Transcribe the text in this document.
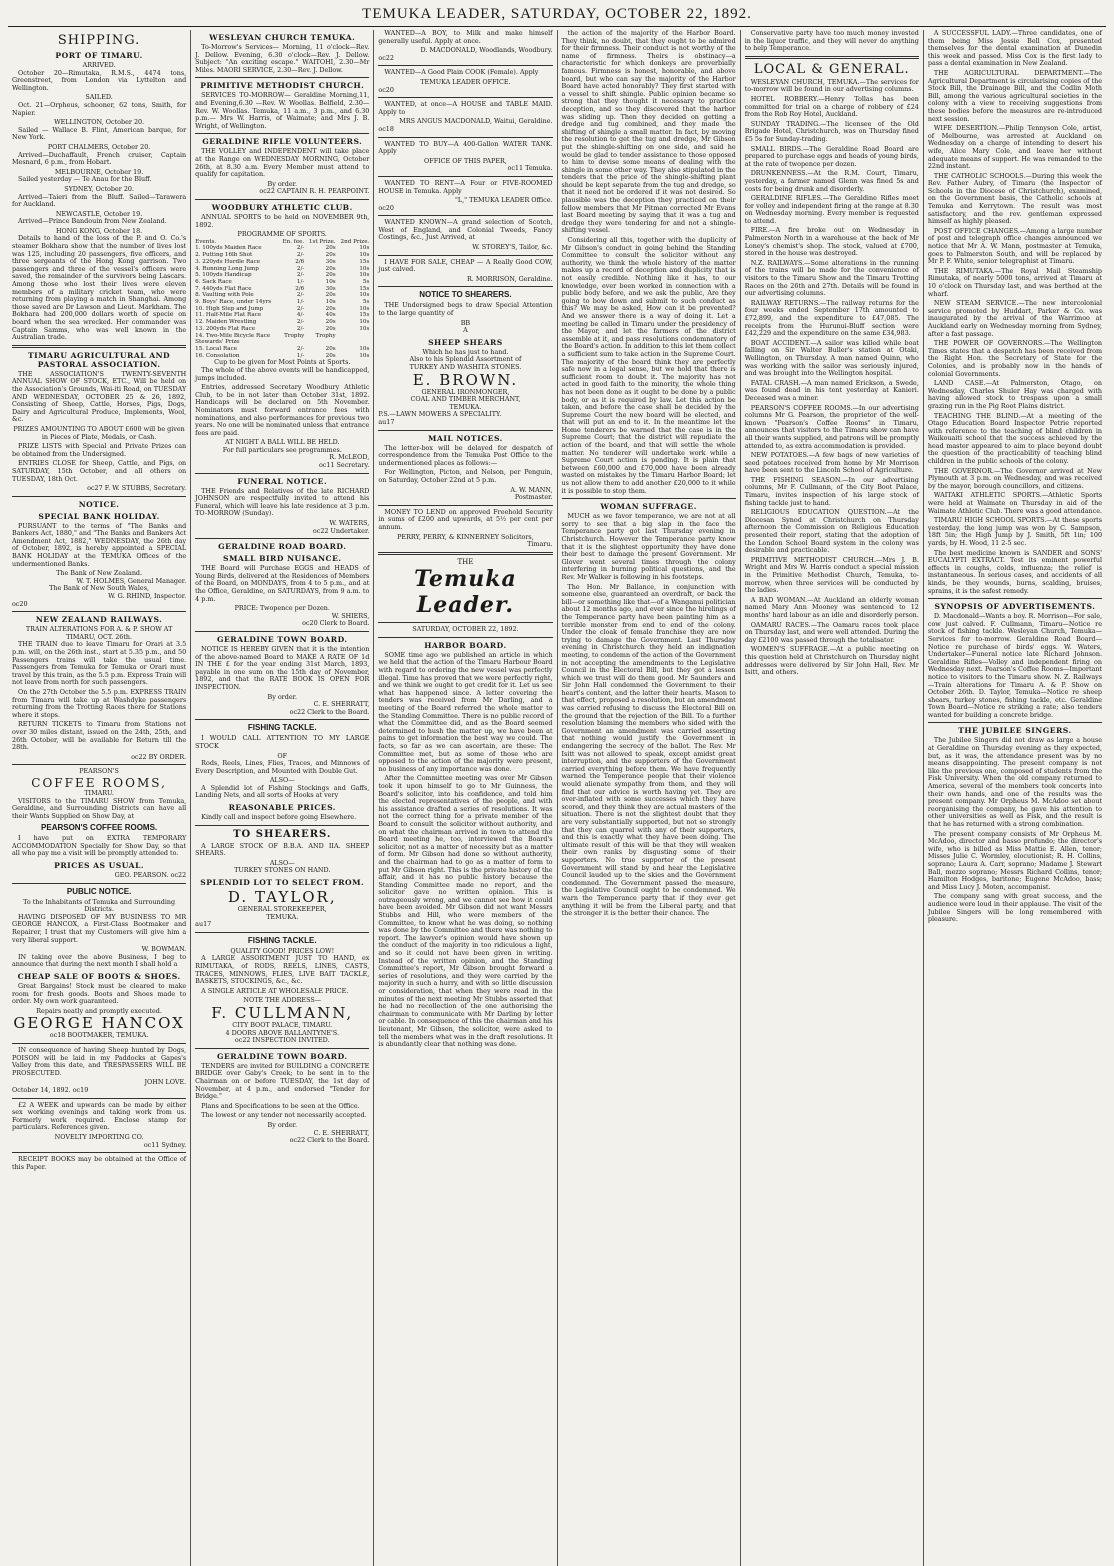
TEMUKA LEADER, SATURDAY, OCTOBER 22, 1892.
SHIPPING.
PORT OF TIMARU.
ARRIVED.

October 20—Rimutaka, R.M.S., 4474 tons, Greenstreet, from London via Lyttelton and Wellington.

SAILED.

Oct. 21—Orpheus, schooner, 62 tons, Smith, for Napier.

WELLINGTON, October 20.

Sailed — Wallace B. Flint, American barque, for New York.

PORT CHALMERS, October 20.

Arrived—Duchaffault, French cruiser, Captain Mesnard, 6 p.m., from Hobart.

MELBOURNE, October 19.

Sailed yesterday — Te Anau for the Bluff.

SYDNEY, October 20.

Arrived—Taieri from the Bluff. Sailed—Tarawera for Auckland.

NEWCASTLE, October 19.

Arrived—Prince Bandouin from New Zealand.

HONG KONG, October 18.

Details to hand of the loss of the P. and O. Co.'s steamer Bokhara show that the number of lives lost was 125, including 20 passengers, five officers, and three sergeants of the Hong Kong garrison. Two passengers and three of the vessel's officers were saved, the remainder of the survivors being Lascars. Among those who lost their lives were eleven members of a military cricket team, who were returning from playing a match in Shanghai. Among those saved are Dr Lawson and Lieut. Markham. The Bokhara had 200,000 dollars worth of specie on board when the sea wrecked. Her commander was Captain Samms, who was well known in the Australian trade.

TIMARU AGRICULTURAL AND PASTORAL ASSOCIATION.

THE ASSOCIATION'S TWENTY-SEVENTH ANNUAL SHOW OF STOCK, ETC., Will be held on the Association's Grounds, Wai-iti Road, on TUESDAY AND WEDNESDAY, OCTOBER 25 & 26, 1892, Consisting of Sheep, Cattle, Horses, Pigs, Dogs, Dairy and Agricultural Produce, Implements, Wool, &c.

PRIZES AMOUNTING TO ABOUT £600 will be given in Pieces of Plate, Medals, or Cash.

PRIZE LISTS with Special and Private Prizes can be obtained from the Undersigned.

ENTRIES CLOSE for Sheep, Cattle, and Pigs, on SATURDAY, 15th October, and all others on TUESDAY, 18th Oct.

oc27 F. W. STUBBS, Secretary.
NOTICE.
SPECIAL BANK HOLIDAY.

PURSUANT to the terms of "The Banks and Bankers Act, 1880," and "The Banks and Bankers Act Amendment Act, 1882," WEDNESDAY, the 26th day of October, 1892, is hereby appointed a SPECIAL BANK HOLIDAY at the TEMUKA Offices of the undermentioned Banks.

The Bank of New Zealand.
W. T. HOLMES, General Manager.
The Bank of New South Wales,
W. G. RHIND, Inspector.
oc20
NEW ZEALAND RAILWAYS.
TRAIN ALTERATIONS FOR A. & P. SHOW AT TIMARU, OCT. 26th.

THE TRAIN due to leave Timaru for Orari at 3.5 p.m. will, on the 26th inst., start at 5.35 p.m., and 50 Passengers trains will take the usual time. Passengers from Temuka for Temuka or Orari must travel by this train, as the 5.5 p.m. Express Train will not leave from north for such passengers.

On the 27th October the 5.5 p.m. EXPRESS TRAIN from Timaru will take up at Washdyke passengers returning from the Trotting Races there for Stations where it stops.

RETURN TICKETS to Timaru from Stations not over 30 miles distant, issued on the 24th, 25th, and 26th October, will be available for Return till the 28th.

oc22 BY ORDER.
PEARSON'S
COFFEE ROOMS,
TIMARU.

VISITORS to the TIMARU SHOW from Temuka, Geraldine, and Surrounding Districts can have all their Wants Supplied on Show Day, at

PEARSON'S COFFEE ROOMS.

I have put on EXTRA TEMPORARY ACCOMMODATION Specially for Show Day, so that all who pay me a visit will be promptly attended to.

PRICES AS USUAL.
GEO. PEARSON. oc22
PUBLIC NOTICE.
To the Inhabitants of Temuka and Surrounding Districts.

HAVING DISPOSED OF MY BUSINESS TO MR GEORGE HANCOX, a First-Class Bootmaker and Repairer, I trust that my Customers will give him a very liberal support.

W. BOWMAN.

IN taking over the above Business, I beg to announce that during the next month I shall hold a

CHEAP SALE OF BOOTS & SHOES.

Great Bargains! Stock must be cleared to make room for fresh goods. Boots and Shoes made to order. My own work guaranteed.

Repairs neatly and promptly executed.
GEORGE HANCOX
oc18 BOOTMAKER, TEMUKA.

IN consequence of having Sheep hunted by Dogs, POISON will be laid in my Paddocks at Gapes's Valley from this date, and TRESPASSERS WILL BE PROSECUTED.

JOHN LOVE.
October 14, 1892. oc19

£2 A WEEK and upwards can be made by either sex working evenings and taking work from us. Formerly work required. Enclose stamp for particulars. References given.

NOVELTY IMPORTING CO.
oc11 Sydney.

RECEIPT BOOKS may be obtained at the Office of this Paper.

WESLEYAN CHURCH TEMUKA.

To-Morrow's Services— Morning, 11 o'clock—Rev. J. Dellow. Evening, 6.30 o'clock—Rev. J. Dellow. Subject: "An exciting escape." WAITOHI, 2.30—Mr Miles. MAORI SERVICE, 2.30—Rev. J. Dellow.

PRIMITIVE METHODIST CHURCH.

SERVICES TO-MORROW— Geraldine Morning,11, and Evening,6.30 —Rev. W. Woollas. Belfield, 2.30—Rev. W. Woollas. Temuka, 11 a.m., 3 p.m., and 6.30 p.m.— Mrs W. Harris, of Waimate; and Mrs J. B. Wright, of Wellington.

GERALDINE RIFLE VOLUNTEERS.

THE VOLLEY and INDEPENDENT will take place at the Range on WEDNESDAY MORNING, October 26th, at 8.30 a.m. Every Member must attend to qualify for capitation.

By order.
oc22 CAPTAIN R. H. PEARPOINT.
WOODBURY ATHLETIC CLUB.

ANNUAL SPORTS to be held on NOVEMBER 9th, 1892.

PROGRAMME OF SPORTS.
Events.	En. fee.	1st Prize.	2nd Prize.
1. 100yds Maiden Race	2/-	20s	10s
2. Putting 16lb Shot	2/-	20s	10s
3. 220yds Hurdle Race	2/6	30s	15s
4. Running Long Jump	2/-	20s	10s
5. 100yds Handicap	2/-	20s	10s
6. Sack Race	1/-	10s	5s
7. 440yds Flat Race	2/6	30s	15s
8. Vaulting with Pole	2/-	20s	10s
9. Boys' Race, under 14yrs	1/-	10s	5s
10. High Step and Jump	2/-	20s	10s
11. Half-Mile Flat Race	4/-	40s	15s
12. Maiden Wrestling	2/-	20s	10s
13. 200yds Flat Race	2/-	20s	10s
14. Two-Mile Bicycle Race	Trophy	Trophy	
Stewards' Prize			
15. Local Race	2/-	20s	10s
16. Consolation	1/-	20s	10s
Cup to be given for Most Points at Sports.

The whole of the above events will be handicapped, jumps included.

Entries, addressed Secretary Woodbury Athletic Club, to be in not later than October 31st, 1892. Handicaps will be declared on 5th November. Nominators must forward entrance fees with nominations, and also performances for previous two years. No one will be nominated unless that entrance fees are paid.

AT NIGHT A BALL WILL BE HELD.
For full particulars see programmes.
R. McLEOD,
oc11 Secretary.
FUNERAL NOTICE.

THE Friends and Relatives of the late RICHARD JOHNSON are respectfully invited to attend his Funeral, which will leave his late residence at 3 p.m. TO-MORROW (Sunday).

W. WATERS,
oc22 Undertaker.
GERALDINE ROAD BOARD.
SMALL BIRD NUISANCE.

THE Board will Purchase EGGS and HEADS of Young Birds, delivered at the Residences of Members of the Board, on MONDAYS, from 4 to 5 p.m., and at the Office, Geraldine, on SATURDAYS, from 9 a.m. to 4 p.m.

PRICE: Twopence per Dozen.
W. SHIERS,
oc20 Clerk to Board.
GERALDINE TOWN BOARD.

NOTICE IS HEREBY GIVEN that it is the intention of the above-named Board to MAKE A RATE OF 1d IN THE £ for the year ending 31st March, 1893, payable in one sum on the 15th day of November, 1892, and that the RATE BOOK IS OPEN FOR INSPECTION.

By order.
C. E. SHERRATT,
oc22 Clerk to the Board.
FISHING TACKLE.

I WOULD CALL ATTENTION TO MY LARGE STOCK

OF

Rods, Reels, Lines, Flies, Traces, and Minnows of Every Description, and Mounted with Double Gut.

ALSO—

A Splendid lot of Fishing Stockings and Gaffs, Landing Nets, and all sorts of Hooks at very

REASONABLE PRICES.

Kindly call and inspect before going Elsewhere.

TO SHEARERS.

A LARGE STOCK OF B.B.A. AND IIA. SHEEP SHEARS.

ALSO—
TURKEY STONES ON HAND.
SPLENDID LOT TO SELECT FROM.
D. TAYLOR,
GENERAL STOREKEEPER,
TEMUKA.
au17
FISHING TACKLE.
QUALITY GOOD! PRICES LOW!

A LARGE ASSORTMENT JUST TO HAND, ex RIMUTAKA, of RODS, REELS, LINES, CASTS, TRACES, MINNOWS, FLIES, LIVE BAIT TACKLE, BASKETS, STOCKINGS, &c., &c.

A SINGLE ARTICLE AT WHOLESALE PRICE.

NOTE THE ADDRESS—
F. CULLMANN,
CITY BOOT PALACE, TIMARU.
4 DOORS ABOVE BALLANTYNE'S.
oc22 INSPECTION INVITED.
GERALDINE TOWN BOARD.

TENDERS are invited for BUILDING a CONCRETE BRIDGE over Gaby's Creek; to be sent in to the Chairman on or before TUESDAY, the 1st day of November, at 4 p.m., and endorsed "Tender for Bridge."

Plans and Specifications to be seen at the Office.

The lowest or any tender not necessarily accepted.

By order.
C. E. SHERRATT,
oc22 Clerk to the Board.

WANTED—A BOY, to Milk and make himself generally useful. Apply at once.

D. MACDONALD, Woodlands, Woodbury.
oc22

WANTED—A Good Plain COOK (Female). Apply

TEMUKA LEADER OFFICE.
oc20

WANTED, at once—A HOUSE and TABLE MAID. Apply to

MRS ANGUS MACDONALD, Waitui, Geraldine.
oc18

WANTED TO BUY—A 400-Gallon WATER TANK. Apply

OFFICE OF THIS PAPER,
oc11 Temuka.

WANTED TO RENT—A Four or FIVE-ROOMED HOUSE in Temuka. Apply

"L," TEMUKA LEADER Office.
oc20

WANTED KNOWN—A grand selection of Scotch, West of England, and Colonial Tweeds, Fancy Costings, &c., Just Arrived, at

W. STOREY'S, Tailor, &c.

I HAVE FOR SALE, CHEAP — A Really Good COW, just calved.

R. MORRISON, Geraldine.
NOTICE TO SHEARERS.

THE Undersigned begs to draw Special Attention to the large quantity of

BB
A
SHEEP SHEARS
Which he has just to hand.
Also to his Splendid Assortment of
TURKEY AND WASHITA STONES.
E. BROWN.
GENERAL IRONMONGER,
COAL AND TIMBER MERCHANT,
TEMUKA.
P.S.—LAWN MOWERS A SPECIALITY.
au17
MAIL NOTICES.

The letter-box will be delayed for despatch of correspondence from the Temuka Post Office to the undermentioned places as follows:—

For Wellington, Picton, and Nelson, per Penguin, on Saturday, October 22nd at 5 p.m.

A. W. MANN,
Postmaster.

MONEY TO LEND on approved Freehold Security in sums of £200 and upwards, at 5½ per cent per annum.

PERRY, PERRY, & KINNERNEY Solicitors,
Timaru.
THE
Temuka Leader.
SATURDAY, OCTOBER 22, 1892.
HARBOR BOARD.

SOME time ago we published an article in which we held that the action of the Timaru Harbour Board with regard to ordering the new vessel was perfectly illegal. Time has proved that we were perfectly right, and we think we ought to get credit for it. Let us see what has happened since. A letter covering the tenders was received from Mr Darling, and a meeting of the Board referred the whole matter to the Standing Committee. There is no public record of what the Committee did, and as the Board seemed determined to hush the matter up, we have been at pains to get information the best way we could. The facts, so far as we can ascertain, are these: The Committee met, but as some of those who are opposed to the action of the majority were present, no business of any importance was done.

After the Committee meeting was over Mr Gibson took it upon himself to go to Mr Guinness, the Board's solicitor, into his confidence, and told him the elected representatives of the people, and with his assistance drafted a series of resolutions. It was not the correct thing for a private member of the Board to consult the solicitor without authority, and on what the chairman arrived in town to attend the Board meeting he, too, interviewed the Board's solicitor, not as a matter of necessity but as a matter of form. Mr Gibson had done so without authority, and the chairman had to go as a matter of form to put Mr Gibson right. This is the private history of the affair, and it has no public history because the Standing Committee made no report, and the solicitor gave no written opinion. This is outrageously wrong, and we cannot see how it could have been avoided. Mr Gibson did not want Messrs Stubbs and Hill, who were members of the Committee, to know what he was doing, so nothing was done by the Committee and there was nothing to report. The lawyer's opinion would have shown up the conduct of the majority in too ridiculous a light, and so it could not have been given in writing. Instead of the written opinion, and the Standing Committee's report, Mr Gibson brought forward a series of resolutions, and they were carried by the majority in such a hurry, and with so little discussion or consideration, that when they were read in the minutes of the next meeting Mr Stubbs asserted that he had no recollection of the one authorising the chairman to communicate with Mr Darling by letter or cable. In consequence of this the chairman and his lieutenant, Mr Gibson, the solicitor, were asked to tell the members what was in the draft resolutions. It is abundantly clear that nothing was done.

the action of the majority of the Harbor Board. They think, no doubt, that they ought to be admired for their firmness. Their conduct is not worthy of the name of firmness. Theirs is obstinacy—a characteristic for which donkeys are proverbially famous. Firmness is honest, honorable, and above board, but who can say the majority of the Harbor Board have acted honorably? They first started with a vessel to shift shingle. Public opinion became so strong that they thought it necessary to practice deception, and so they discovered that the harbor was sliding up. Then they decided on getting a dredge and tug combined, and they made the shifting of shingle a small matter. In fact, by moving the resolution to get the tug and dredge, Mr Gibson put the shingle-shifting on one side, and said he would be glad to tender assistance to those opposed to him to devise some means of dealing with the shingle in some other way. They also stipulated in the tenders that the price of the shingle-shifting plant should be kept separate from the tug and dredge, so that it need not be ordered if it was not desired. So plausible was the deception they practiced on their fellow members that Mr Pitman corrected Mr Evans last Board meeting by saying that it was a tug and dredge they were tendering for and not a shingle-shifting vessel.

Considering all this, together with the duplicity of Mr Gibson's conduct in going behind the Standing Committee to consult the solicitor without any authority, we think the whole history of the matter makes up a record of deception and duplicity that is not easily credible. Nothing like it has, to our knowledge, ever been worked in connection with a public body before, and we ask the public, Are they going to bow down and submit to such conduct as this? We may be asked, How can it be prevented? And we answer there is a way of doing it. Let a meeting be called in Timaru under the presidency of the Mayor, and let the farmers of the district assemble at it, and pass resolutions condemnatory of the Board's action. In addition to this let them collect a sufficient sum to take action in the Supreme Court. The majority of the board think they are perfectly safe now in a legal sense, but we hold that there is sufficient room to doubt it. The majority has not acted in good faith to the minority, the whole thing has not been done as it ought to be done by a public body, or as it is required by law. Let this action be taken, and before the case shall be decided by the Supreme Court the new board will be elected, and that will put an end to it. In the meantime let the Home tenderers be warned that the case is in the Supreme Court; that the district will repudiate the action of the board, and that will settle the whole matter. No tenderer will undertake work while a Supreme Court action is pending. It is plain that between £60,000 and £70,000 have been already wasted on mistakes by the Timaru Harbor Board; let us not allow them to add another £20,000 to it while it is possible to stop them.

WOMAN SUFFRAGE.

MUCH as we favor temperance, we are not at all sorry to see that a big slap in the face the Temperance party got last Thursday evening in Christchurch. However the Temperance party know that it is the slightest opportunity they have done their best to damage the present Government. Mr Glover went several times through the colony interfering in burning political questions, and the Rev. Mr Walker is following in his footsteps.

The Hon. Mr Ballance, in conjunction with someone else, guaranteed an overdraft, or back the bill—or something like that—of a Wanganui politician about 12 months ago, and ever since the hirelings of the Temperance party have been painting him as a terrible monster from end to end of the colony. Under the cloak of female franchise they are now trying to damage the Government. Last Thursday evening in Christchurch they held an indignation meeting, to condemn of the action of the Government in not accepting the amendments to the Legislative Council in the Electoral Bill, but they got a lesson which we trust will do them good. Mr Saunders and Sir John Hall condemned the Government to their heart's content, and the latter their hearts. Mason to that effect, proposed a resolution, but an amendment was carried refusing to discuss the Electoral Bill on the ground that the rejection of the Bill. To a further resolution blaming the members who sided with the Government an amendment was carried asserting that nothing would justify the Government in endangering the secrecy of the ballot. The Rev. Mr Isitt was not allowed to speak, except amidst great interruption, and the supporters of the Government carried everything before them. We have frequently warned the Temperance people that their violence would alienate sympathy from them, and they will find that our advice is worth having yet. They are over-inflated with some successes which they have scored, and they think they are actual masters of the situation. There is not the slightest doubt that they are very substantially supported, but not so strongly that they can quarrel with any of their supporters, and this is exactly what they have been doing. The ultimate result of this will be that they will weaken their own ranks by disgusting some of their supporters. No true supporter of the present Government will stand by and hear the Legislative Council lauded up to the skies and the Government condemned. The Government passed the measure, the Legislative Council ought to be condemned. We warn the Temperance party that if they ever get anything it will be from the Liberal party, and that the stronger it is the better their chance. The

Conservative party have too much money invested in the liquor traffic, and they will never do anything to help Temperance.

LOCAL & GENERAL.

WESLEYAN CHURCH, TEMUKA.—The services for to-morrow will be found in our advertising columns.

HOTEL ROBBERY.—Henry Tollas has been committed for trial on a charge of robbery of £24 from the Rob Roy Hotel, Auckland.

SUNDAY TRADING.—The licensee of the Old Brigade Hotel, Christchurch, was on Thursday fined £5 5s for Sunday-trading.

SMALL BIRDS.—The Geraldine Road Board are prepared to purchase eggs and heads of young birds, at the rate of twopence per dozen.

DRUNKENNESS.—At the R.M. Court, Timaru, yesterday, a farmer named Glenn was fined 5s and costs for being drunk and disorderly.

GERALDINE RIFLES.—The Geraldine Rifles meet for volley and independent firing at the range at 8.30 on Wednesday morning. Every member is requested to attend.

FIRE.—A fire broke out on Wednesday in Palmerston North in a warehouse at the back of Mr Loney's chemist's shop. The stock, valued at £700, stored in the house was destroyed.

N.Z. RAILWAYS.—Some alterations in the running of the trains will be made for the convenience of visitors to the Timaru Show and the Timaru Trotting Races on the 26th and 27th. Details will be found in our advertising columns.

RAILWAY RETURNS.—The railway returns for the four weeks ended September 17th amounted to £72,899, and the expenditure to £47,085. The receipts from the Hurunui-Bluff section were £42,229 and the expenditure on the same £34,983.

BOAT ACCIDENT.—A sailor was killed while boat falling on Sir Walter Buller's station at Otaki, Wellington, on Thursday. A man named Quinn, who was working with the sailor was seriously injured, and was brought into the Wellington hospital.

FATAL CRASH.—A man named Erickson, a Swede, was found dead in his tent yesterday at Kanieri. Deceased was a miner.

PEARSON'S COFFEE ROOMS.—In our advertising columns Mr G. Pearson, the proprietor of the well-known "Pearson's Coffee Rooms" in Timaru, announces that visitors to the Timaru show can have all their wants supplied, and patrons will be promptly attended to, as extra accommodation is provided.

NEW POTATOES.—A few bags of new varieties of seed potatoes received from home by Mr Morrison have been sent to the Lincoln School of Agriculture.

THE FISHING SEASON.—In our advertising columns, Mr F. Cullmann, of the City Boot Palace, Timaru, invites inspection of his large stock of fishing tackle just to hand.

RELIGIOUS EDUCATION QUESTION.—At the Diocesan Synod at Christchurch on Thursday afternoon the Commission on Religious Education presented their report, stating that the adoption of the London School Board system in the colony was desirable and practicable.

PRIMITIVE METHODIST CHURCH.—Mrs J. B. Wright and Mrs W. Harris conduct a special mission in the Primitive Methodist Church, Temuka, to-morrow, when three services will be conducted by the ladies.

A BAD WOMAN.—At Auckland an elderly woman named Mary Ann Mooney was sentenced to 12 months' hard labour as an idle and disorderly person.

OAMARU RACES.—The Oamaru races took place on Thursday last, and were well attended. During the day £2100 was passed through the totalisator.

WOMEN'S SUFFRAGE.—At a public meeting on this question held at Christchurch on Thursday night addresses were delivered by Sir John Hall, Rev. Mr Isitt, and others.

A SUCCESSFUL LADY.—Three candidates, one of them being Miss Jessie Bell Cox, presented themselves for the dental examination at Dunedin this week and passed. Miss Cox is the first lady to pass a dental examination in New Zealand.

THE AGRICULTURAL DEPARTMENT.—The Agricultural Department is circularising copies of the Stock Bill, the Drainage Bill, and the Codlin Moth Bill, among the various agricultural societies in the colony with a view to receiving suggestions from these bodies before the measures are re-introduced next session.

WIFE DESERTION.—Philip Tennyson Cole, artist, of Melbourne, was arrested at Auckland on Wednesday on a charge of intending to desert his wife, Alice Mary Cole, and leave her without adequate means of support. He was remanded to the 22nd instant.

THE CATHOLIC SCHOOLS.—During this week the Rev. Father Aubry, of Timaru (the Inspector of Schools in the Diocese of Christchurch), examined, on the Government basis, the Catholic schools at Temuka and Kerrytown. The result was most satisfactory, and the rev. gentleman expressed himself as highly pleased.

POST OFFICE CHANGES.—Among a large number of post and telegraph office changes announced we notice that Mr A. W. Mann, postmaster at Temuka, goes to Palmerston South, and will be replaced by Mr P. F. White, senior telegraphist at Timaru.

THE RIMUTAKA.—The Royal Mail Steamship Rimutaka, of nearly 5000 tons, arrived at Timaru at 10 o'clock on Thursday last, and was berthed at the wharf.

NEW STEAM SERVICE.—The new intercolonial service promoted by Huddart, Parker & Co. was inaugurated by the arrival of the Warrimoo at Auckland early on Wednesday morning from Sydney, after a fast passage.

THE POWER OF GOVERNORS.—The Wellington Times states that a despatch has been received from the Right Hon. the Secretary of State for the Colonies, and is probably now in the hands of colonial Governments.

LAND CASE.—At Palmerston, Otago, on Wednesday, Charles Shuler Hay was charged with having allowed stock to trespass upon a small grazing run in the Pig Root Plains district.

TEACHING THE BLIND.—At a meeting of the Otago Education Board Inspector Petrie reported with reference to the teaching of blind children in Waikouaiti school that the success achieved by the head master appeared to aim to place beyond doubt the question of the practicability of teaching blind children in the public schools of the colony.

THE GOVERNOR.—The Governor arrived at New Plymouth at 3 p.m. on Wednesday, and was received by the mayor, borough councillors, and citizens.

WAITAKI ATHLETIC SPORTS.—Athletic Sports were held at Waimate on Thursday in aid of the Waimate Athletic Club. There was a good attendance.

TIMARU HIGH SCHOOL SPORTS.—At these sports yesterday, the long jump was won by C. Sampson, 18ft 5in; the High Jump by J. Smith, 5ft 1in; 100 yards, by H. Wood, 11 2-5 sec.

The best medicine known is SANDER and SONS' EUCALYPTI EXTRACT. Test its eminent powerful effects in coughs, colds, influenza; the relief is instantaneous. In serious cases, and accidents of all kinds, be they wounds, burns, scalding, bruises, sprains, it is the safest remedy.

SYNOPSIS OF ADVERTISEMENTS.

D. Macdonald—Wants a boy. R. Morrison—For sale, cow just calved. F. Cullmann, Timaru—Notice re stock of fishing tackle. Wesleyan Church, Temuka—Services for to-morrow. Geraldine Road Board—Notice re purchase of birds' eggs. W. Waters, Undertaker—Funeral notice late Richard Johnson. Geraldine Rifles—Volley and independent firing on Wednesday next. Pearson's Coffee Rooms—Important notice to visitors to the Timaru show. N. Z. Railways—Train alterations for Timaru A. & P. Show on October 26th. D. Taylor, Temuka—Notice re sheep shears, turkey stones, fishing tackle, etc. Geraldine Town Board—Notice re striking a rate; also tenders wanted for building a concrete bridge.

THE JUBILEE SINGERS.

The Jubilee Singers did not draw as large a house at Geraldine on Thursday evening as they expected, but, as it was, the attendance present was by no means disappointing. The present company is not like the previous one, composed of students from the Fisk University. When the old company returned to America, several of the members took concerts into their own hands, and one of the results was the present company. Mr Orpheus M. McAdoo set about reorganising the company, he gave his attention to other universities as well as Fisk, and the result is that he has returned with a strong combination.

The present company consists of Mr Orpheus M. McAdoo, director and basso profundo; the director's wife, who is billed as Miss Mattie E. Allen, tenor; Misses Julie C. Wormley, elocutionist; R. H. Collins, soprano; Laura A. Carr, soprano; Madame J. Stewart Ball, mezzo soprano; Messrs Richard Collins, tenor; Hamilton Hodges, baritone; Eugene McAdoo, bass; and Miss Lucy J. Moten, accompanist.

The company sang with great success, and the audience were loud in their applause. The visit of the Jubilee Singers will be long remembered with pleasure.
